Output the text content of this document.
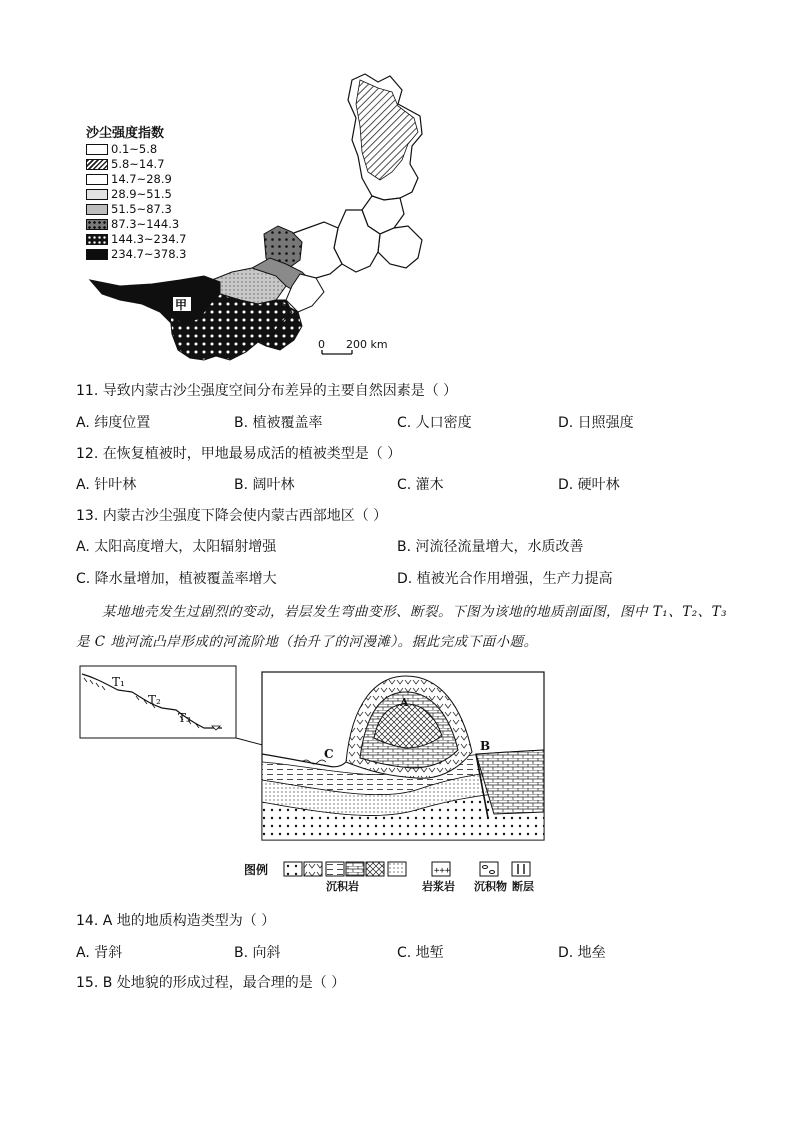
甲
0 200 km
沙尘强度指数
0.1~5.8
5.8~14.7
14.7~28.9
28.9~51.5
51.5~87.3
87.3~144.3
144.3~234.7
234.7~378.3
11. 导致内蒙古沙尘强度空间分布差异的主要自然因素是（ ）
A. 纬度位置	B. 植被覆盖率	C. 人口密度	D. 日照强度
12. 在恢复植被时，甲地最易成活的植被类型是（ ）
A. 针叶林	B. 阔叶林	C. 灌木	D. 硬叶林
13. 内蒙古沙尘强度下降会使内蒙古西部地区（ ）
A. 太阳高度增大，太阳辐射增强	B. 河流径流量增大，水质改善
C. 降水量增加，植被覆盖率增大	D. 植被光合作用增强，生产力提高
某地地壳发生过剧烈的变动，岩层发生弯曲变形、断裂。下图为该地的地质剖面图，图中 T₁、T₂、T₃
是 C 地河流凸岸形成的河流阶地（抬升了的河漫滩）。据此完成下面小题。
T₁
T₂
T₃
A
B
C
图例	+++
沉积岩	岩浆岩 沉积物 断层
14. A 地的地质构造类型为（ ）
A. 背斜	B. 向斜	C. 地堑	D. 地垒
15. B 处地貌的形成过程，最合理的是（ ）
